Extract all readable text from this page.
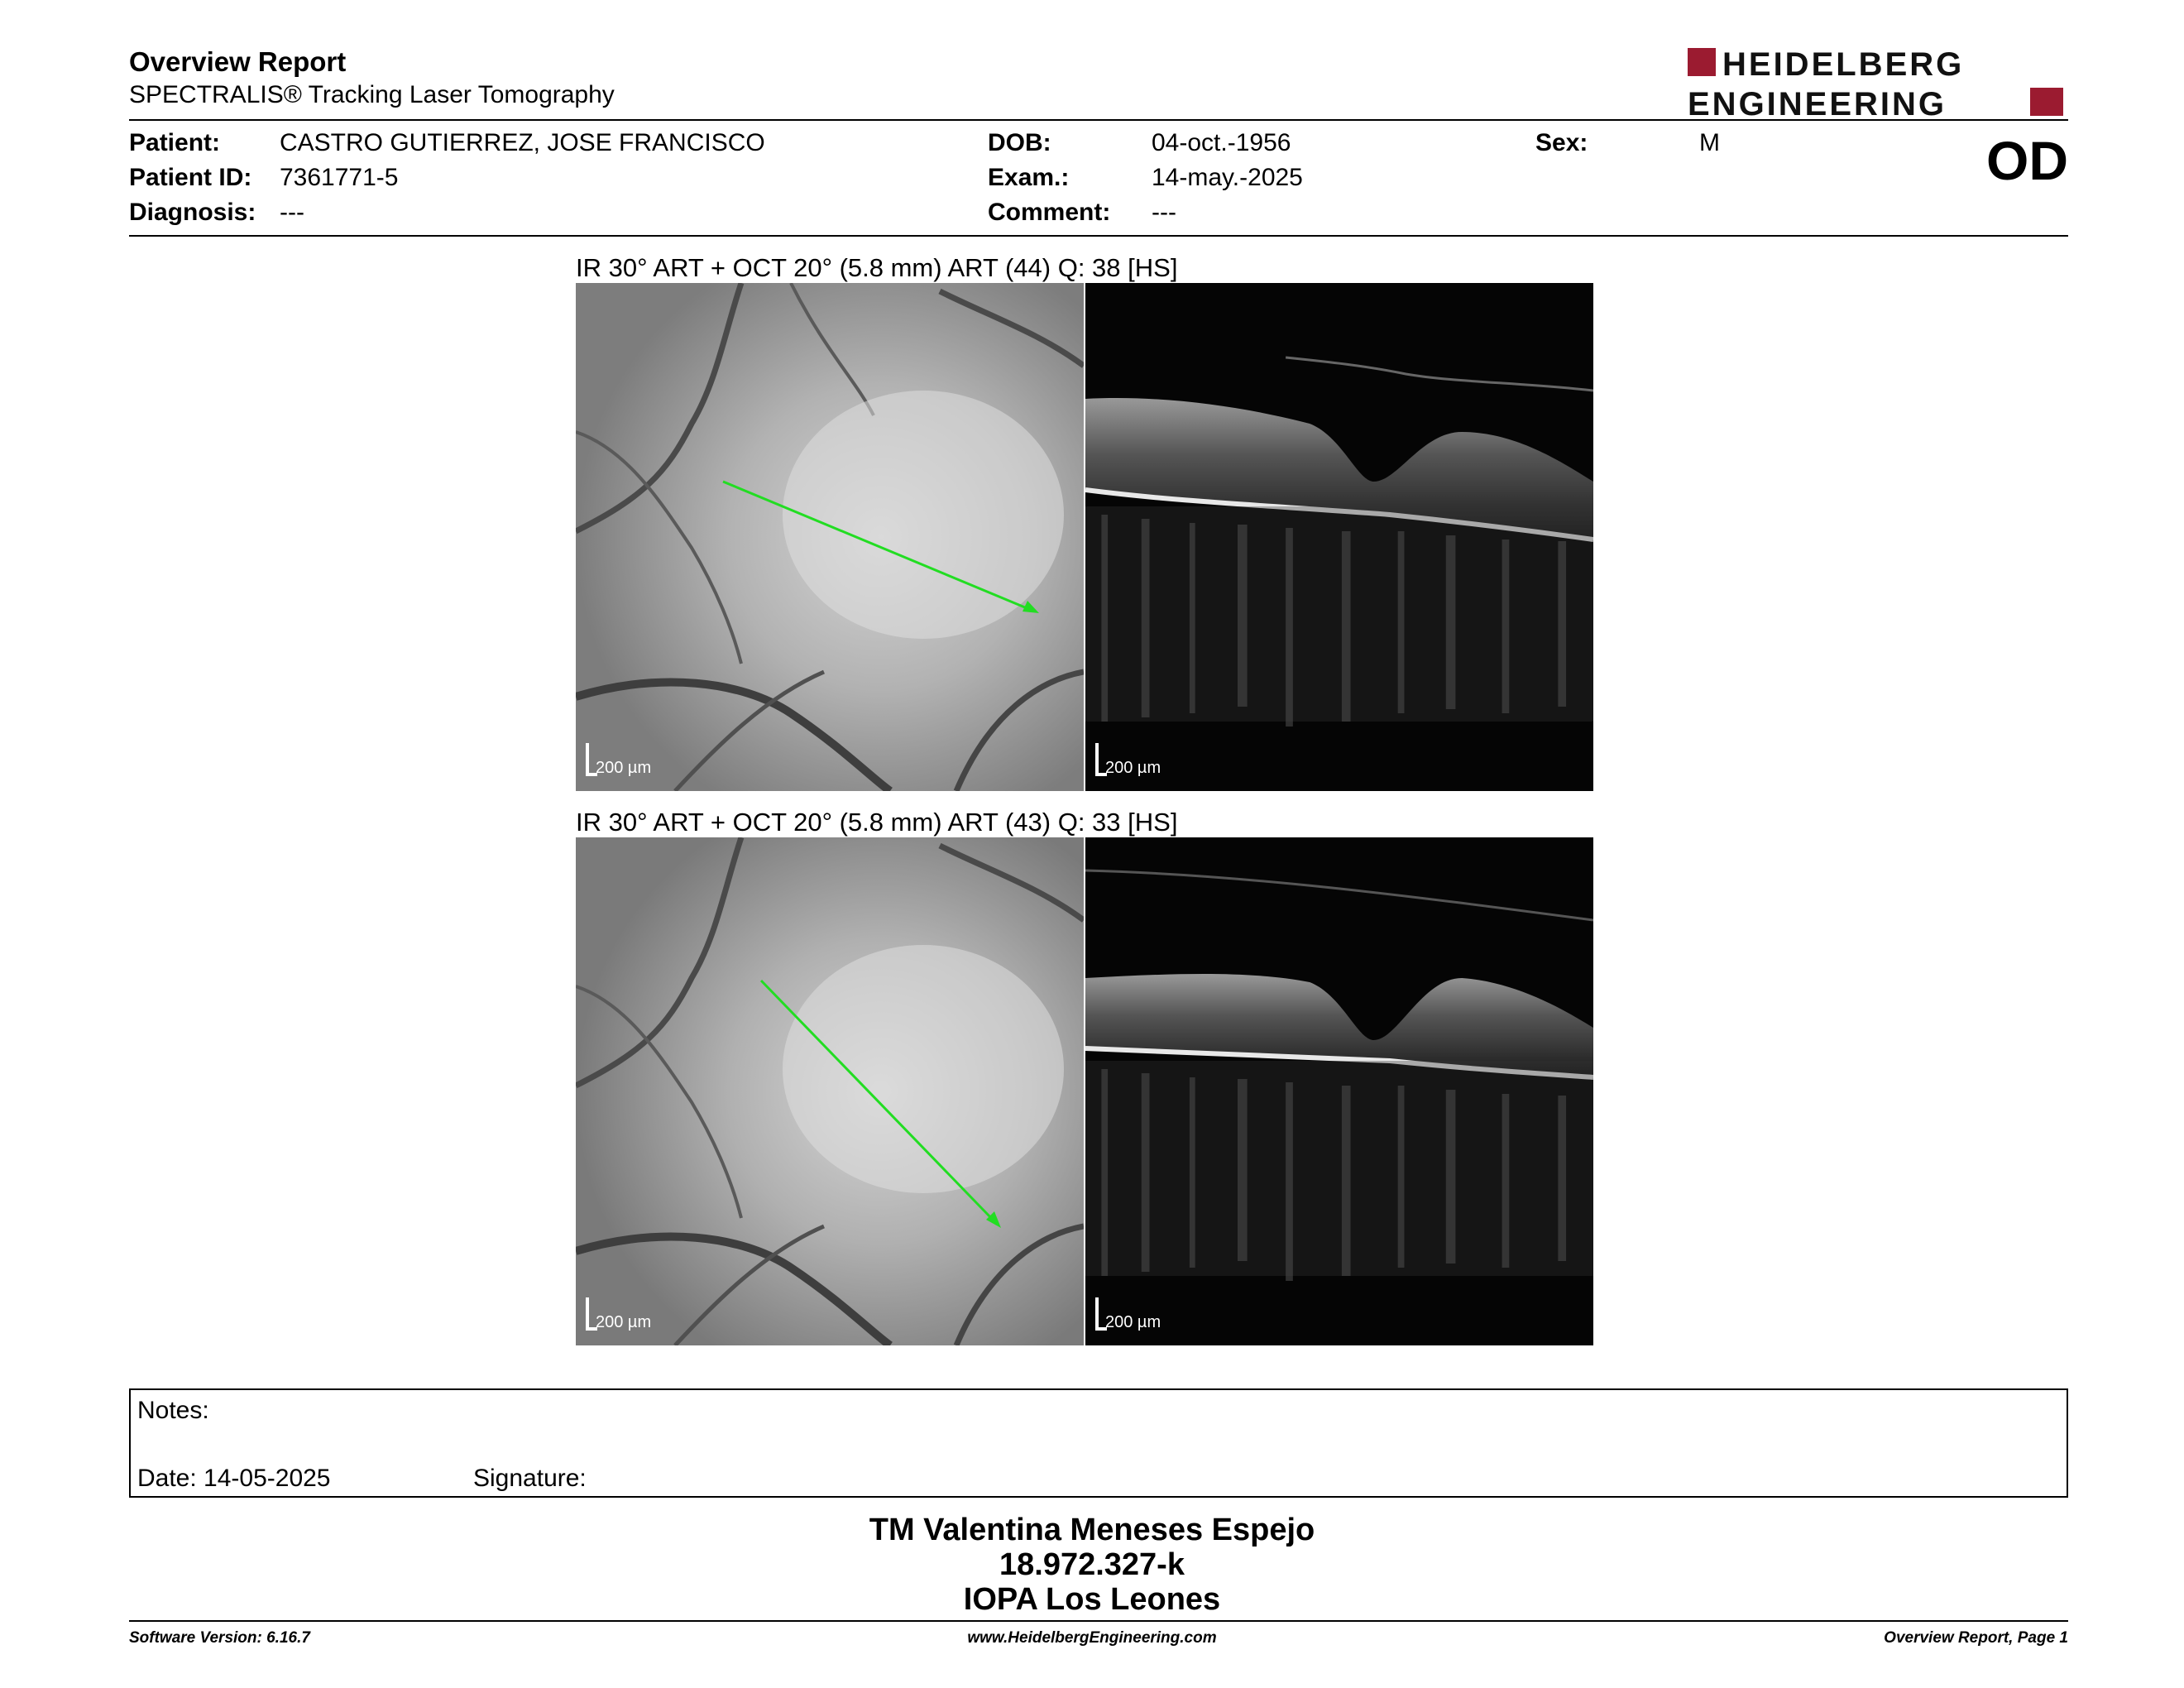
Overview Report
SPECTRALIS® Tracking Laser Tomography
HEIDELBERG
ENGINEERING
Patient: CASTRO GUTIERREZ, JOSE FRANCISCO
Patient ID: 7361771-5
Diagnosis: ---
DOB:	04-oct.-1956
Exam.:	14-may.-2025
Comment: ---
Sex:	M	OD
IR 30° ART + OCT 20° (5.8 mm) ART (44) Q: 38 [HS]
200 µm	200 µm
IR 30° ART + OCT 20° (5.8 mm) ART (43) Q: 33 [HS]
200 µm	200 µm
Notes:
Date: 14-05-2025	Signature:
TM Valentina Meneses Espejo
18.972.327-k
IOPA Los Leones
Software Version: 6.16.7	www.HeidelbergEngineering.com	Overview Report, Page 1
